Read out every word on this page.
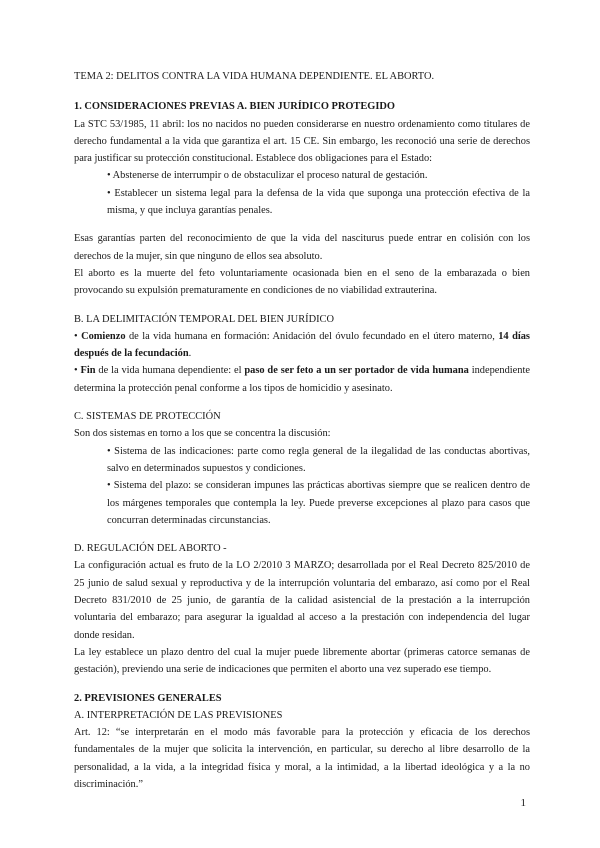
TEMA 2: DELITOS CONTRA LA VIDA HUMANA DEPENDIENTE. EL ABORTO.

1. CONSIDERACIONES PREVIAS A. BIEN JURÍDICO PROTEGIDO

La STC 53/1985, 11 abril: los no nacidos no pueden considerarse en nuestro ordenamiento como titulares de derecho fundamental a la vida que garantiza el art. 15 CE. Sin embargo, les reconoció una serie de derechos para justificar su protección constitucional. Establece dos obligaciones para el Estado:

• Abstenerse de interrumpir o de obstaculizar el proceso natural de gestación.

• Establecer un sistema legal para la defensa de la vida que suponga una protección efectiva de la misma, y que incluya garantías penales.

Esas garantías parten del reconocimiento de que la vida del nasciturus puede entrar en colisión con los derechos de la mujer, sin que ninguno de ellos sea absoluto.

El aborto es la muerte del feto voluntariamente ocasionada bien en el seno de la embarazada o bien provocando su expulsión prematuramente en condiciones de no viabilidad extrauterina.

B. LA DELIMITACIÓN TEMPORAL DEL BIEN JURÍDICO

• Comienzo de la vida humana en formación: Anidación del óvulo fecundado en el útero materno, 14 días después de la fecundación.

• Fin de la vida humana dependiente: el paso de ser feto a un ser portador de vida humana independiente determina la protección penal conforme a los tipos de homicidio y asesinato.

C. SISTEMAS DE PROTECCIÓN

Son dos sistemas en torno a los que se concentra la discusión:

• Sistema de las indicaciones: parte como regla general de la ilegalidad de las conductas abortivas, salvo en determinados supuestos y condiciones.

• Sistema del plazo: se consideran impunes las prácticas abortivas siempre que se realicen dentro de los márgenes temporales que contempla la ley. Puede preverse excepciones al plazo para casos que concurran determinadas circunstancias.

D. REGULACIÓN DEL ABORTO -

La configuración actual es fruto de la LO 2/2010 3 MARZO; desarrollada por el Real Decreto 825/2010 de 25 junio de salud sexual y reproductiva y de la interrupción voluntaria del embarazo, así como por el Real Decreto 831/2010 de 25 junio, de garantía de la calidad asistencial de la prestación a la interrupción voluntaria del embarazo; para asegurar la igualdad al acceso a la prestación con independencia del lugar donde residan.

La ley establece un plazo dentro del cual la mujer puede libremente abortar (primeras catorce semanas de gestación), previendo una serie de indicaciones que permiten el aborto una vez superado ese tiempo.

2. PREVISIONES GENERALES

A. INTERPRETACIÓN DE LAS PREVISIONES

Art. 12: “se interpretarán en el modo más favorable para la protección y eficacia de los derechos fundamentales de la mujer que solicita la intervención, en particular, su derecho al libre desarrollo de la personalidad, a la vida, a la integridad física y moral, a la intimidad, a la libertad ideológica y a la no discriminación.”

1
